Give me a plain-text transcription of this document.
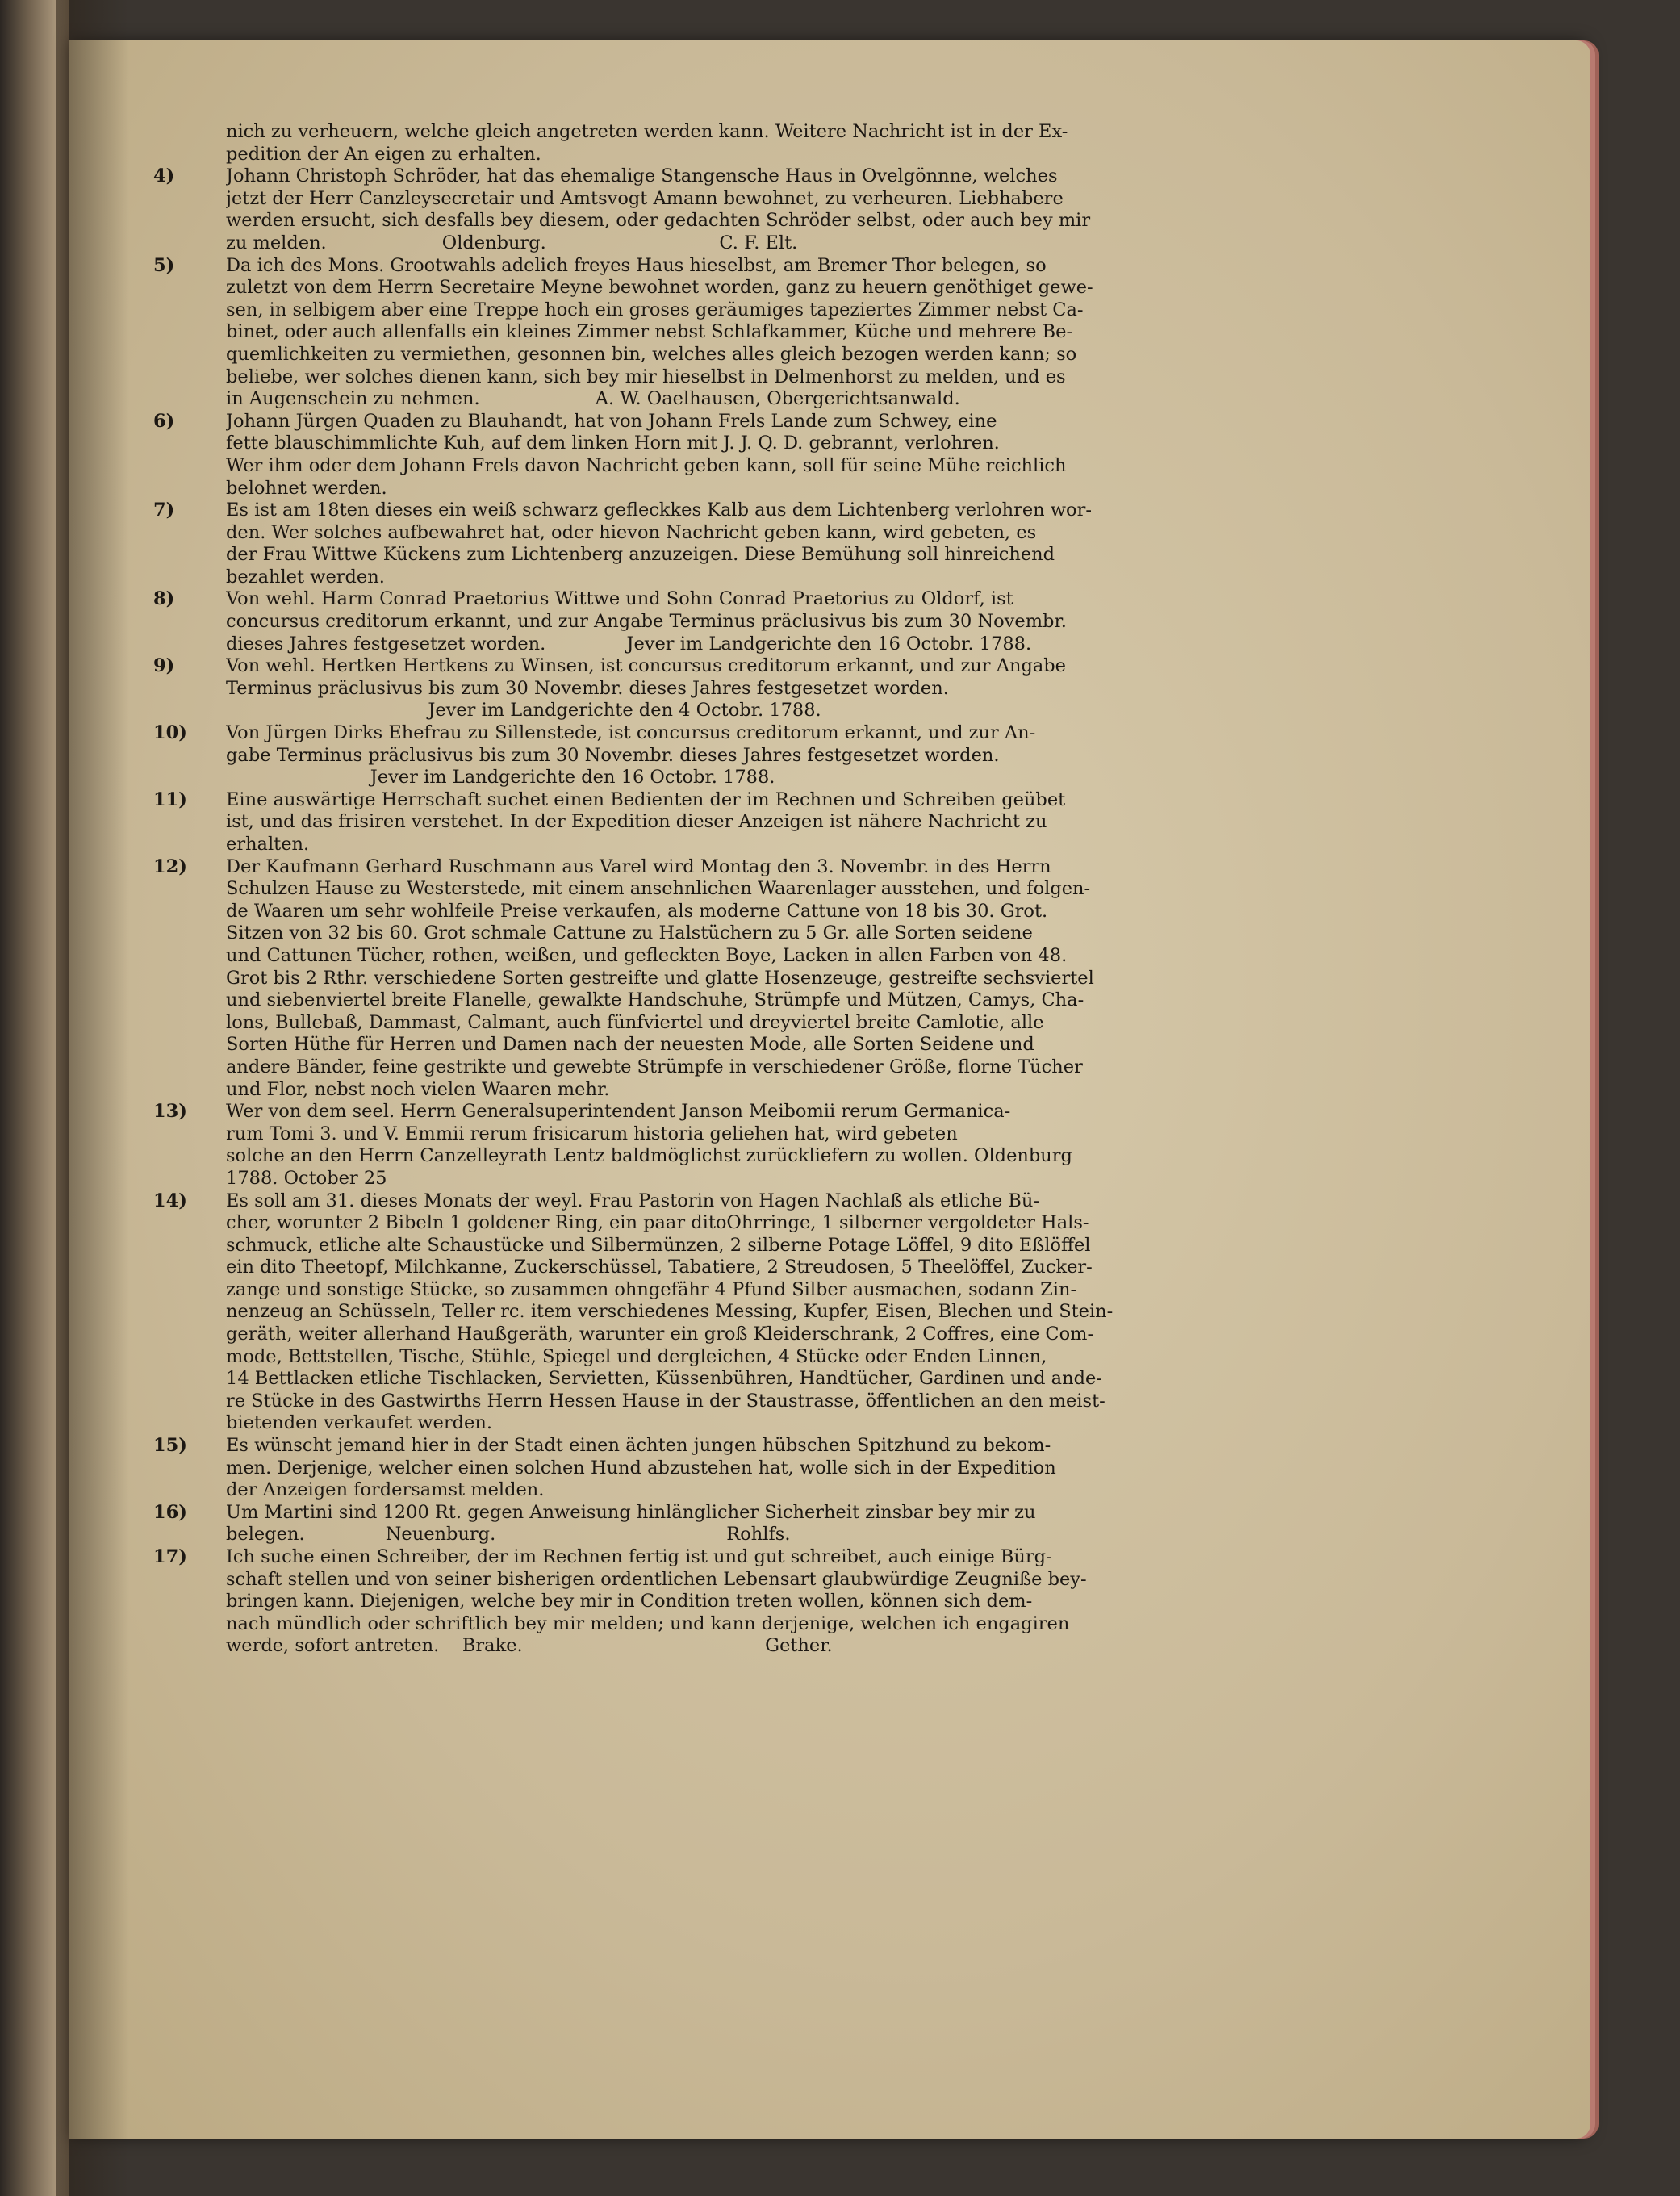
nich zu verheuern, welche gleich angetreten werden kann. Weitere Nachricht ist in der Ex-
pedition der An eigen zu erhalten.
4)	Johann Christoph Schröder, hat das ehemalige Stangensche Haus in Ovelgönnne, welches
jetzt der Herr Canzleysecretair und Amtsvogt Amann bewohnet, zu verheuren. Liebhabere
werden ersucht, sich desfalls bey diesem, oder gedachten Schröder selbst, oder auch bey mir
zu melden.                    Oldenburg.                              C. F. Elt.
5)	Da ich des Mons. Grootwahls adelich freyes Haus hieselbst, am Bremer Thor belegen, so
zuletzt von dem Herrn Secretaire Meyne bewohnet worden, ganz zu heuern genöthiget gewe-
sen, in selbigem aber eine Treppe hoch ein groses geräumiges tapeziertes Zimmer nebst Ca-
binet, oder auch allenfalls ein kleines Zimmer nebst Schlafkammer, Küche und mehrere Be-
quemlichkeiten zu vermiethen, gesonnen bin, welches alles gleich bezogen werden kann; so
beliebe, wer solches dienen kann, sich bey mir hieselbst in Delmenhorst zu melden, und es
in Augenschein zu nehmen.                    A. W. Oaelhausen, Obergerichtsanwald.
6)	Johann Jürgen Quaden zu Blauhandt, hat von Johann Frels Lande zum Schwey, eine
fette blauschimmlichte Kuh, auf dem linken Horn mit J. J. Q. D. gebrannt, verlohren.
Wer ihm oder dem Johann Frels davon Nachricht geben kann, soll für seine Mühe reichlich
belohnet werden.
7)	Es ist am 18ten dieses ein weiß schwarz gefleckkes Kalb aus dem Lichtenberg verlohren wor-
den. Wer solches aufbewahret hat, oder hievon Nachricht geben kann, wird gebeten, es
der Frau Wittwe Kückens zum Lichtenberg anzuzeigen. Diese Bemühung soll hinreichend
bezahlet werden.
8)	Von wehl. Harm Conrad Praetorius Wittwe und Sohn Conrad Praetorius zu Oldorf, ist
concursus creditorum erkannt, und zur Angabe Terminus präclusivus bis zum 30 Novembr.
dieses Jahres festgesetzet worden.              Jever im Landgerichte den 16 Octobr. 1788.
9)	Von wehl. Hertken Hertkens zu Winsen, ist concursus creditorum erkannt, und zur Angabe
Terminus präclusivus bis zum 30 Novembr. dieses Jahres festgesetzet worden.
Jever im Landgerichte den 4 Octobr. 1788.
10)	Von Jürgen Dirks Ehefrau zu Sillenstede, ist concursus creditorum erkannt, und zur An-
gabe Terminus präclusivus bis zum 30 Novembr. dieses Jahres festgesetzet worden.
Jever im Landgerichte den 16 Octobr. 1788.
11)	Eine auswärtige Herrschaft suchet einen Bedienten der im Rechnen und Schreiben geübet
ist, und das frisiren verstehet. In der Expedition dieser Anzeigen ist nähere Nachricht zu
erhalten.
12)	Der Kaufmann Gerhard Ruschmann aus Varel wird Montag den 3. Novembr. in des Herrn
Schulzen Hause zu Westerstede, mit einem ansehnlichen Waarenlager ausstehen, und folgen-
de Waaren um sehr wohlfeile Preise verkaufen, als moderne Cattune von 18 bis 30. Grot.
Sitzen von 32 bis 60. Grot schmale Cattune zu Halstüchern zu 5 Gr. alle Sorten seidene
und Cattunen Tücher, rothen, weißen, und gefleckten Boye, Lacken in allen Farben von 48.
Grot bis 2 Rthr. verschiedene Sorten gestreifte und glatte Hosenzeuge, gestreifte sechsviertel
und siebenviertel breite Flanelle, gewalkte Handschuhe, Strümpfe und Mützen, Camys, Cha-
lons, Bullebaß, Dammast, Calmant, auch fünfviertel und dreyviertel breite Camlotie, alle
Sorten Hüthe für Herren und Damen nach der neuesten Mode, alle Sorten Seidene und
andere Bänder, feine gestrikte und gewebte Strümpfe in verschiedener Größe, florne Tücher
und Flor, nebst noch vielen Waaren mehr.
13)	Wer von dem seel. Herrn Generalsuperintendent Janson Meibomii rerum Germanica-
rum Tomi 3. und V. Emmii rerum frisicarum historia geliehen hat, wird gebeten
solche an den Herrn Canzelleyrath Lentz baldmöglichst zurückliefern zu wollen. Oldenburg
1788. October 25
14)	Es soll am 31. dieses Monats der weyl. Frau Pastorin von Hagen Nachlaß als etliche Bü-
cher, worunter 2 Bibeln 1 goldener Ring, ein paar ditoOhrringe, 1 silberner vergoldeter Hals-
schmuck, etliche alte Schaustücke und Silbermünzen, 2 silberne Potage Löffel, 9 dito Eßlöffel
ein dito Theetopf, Milchkanne, Zuckerschüssel, Tabatiere, 2 Streudosen, 5 Theelöffel, Zucker-
zange und sonstige Stücke, so zusammen ohngefähr 4 Pfund Silber ausmachen, sodann Zin-
nenzeug an Schüsseln, Teller rc. item verschiedenes Messing, Kupfer, Eisen, Blechen und Stein-
geräth, weiter allerhand Haußgeräth, warunter ein groß Kleiderschrank, 2 Coffres, eine Com-
mode, Bettstellen, Tische, Stühle, Spiegel und dergleichen, 4 Stücke oder Enden Linnen,
14 Bettlacken etliche Tischlacken, Servietten, Küssenbühren, Handtücher, Gardinen und ande-
re Stücke in des Gastwirths Herrn Hessen Hause in der Staustrasse, öffentlichen an den meist-
bietenden verkaufet werden.
15)	Es wünscht jemand hier in der Stadt einen ächten jungen hübschen Spitzhund zu bekom-
men. Derjenige, welcher einen solchen Hund abzustehen hat, wolle sich in der Expedition
der Anzeigen fordersamst melden.
16)	Um Martini sind 1200 Rt. gegen Anweisung hinlänglicher Sicherheit zinsbar bey mir zu
belegen.              Neuenburg.                                        Rohlfs.
17)	Ich suche einen Schreiber, der im Rechnen fertig ist und gut schreibet, auch einige Bürg-
schaft stellen und von seiner bisherigen ordentlichen Lebensart glaubwürdige Zeugniße bey-
bringen kann. Diejenigen, welche bey mir in Condition treten wollen, können sich dem-
nach mündlich oder schriftlich bey mir melden; und kann derjenige, welchen ich engagiren
werde, sofort antreten.    Brake.                                          Gether.
